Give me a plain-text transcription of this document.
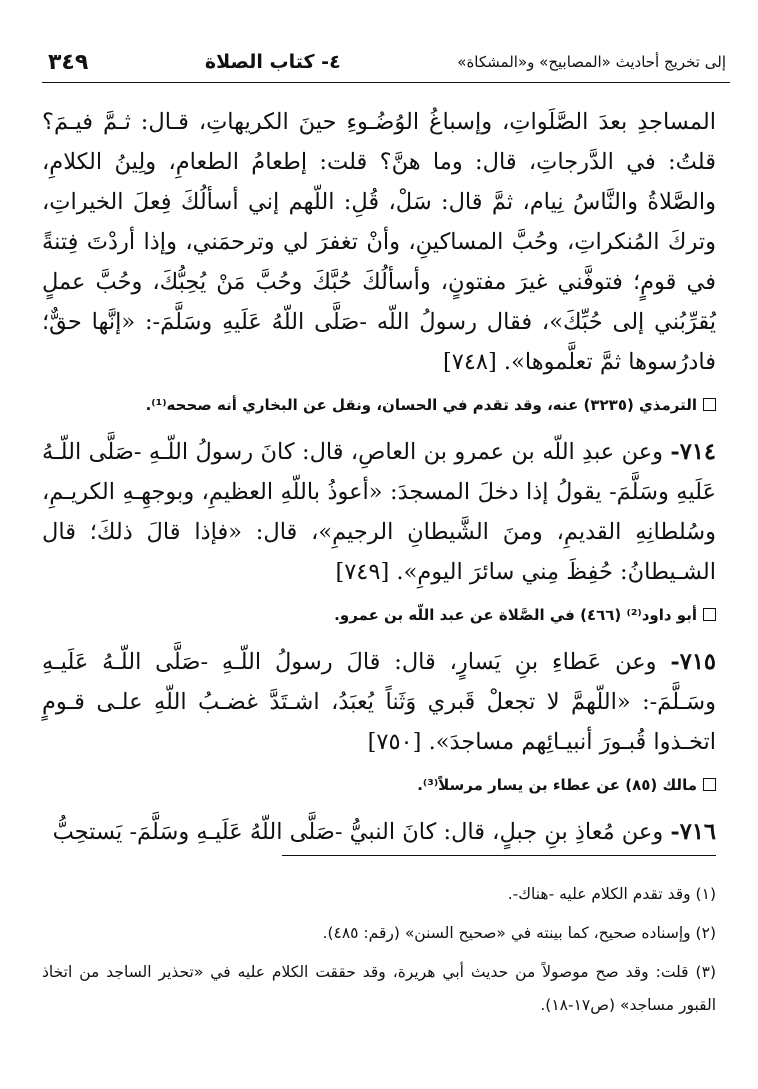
إلى تخريج أحاديث «المصابيح» و«المشكاة»
٤- كتاب الصلاة
٣٤٩

المساجدِ بعدَ الصَّلَواتِ، وإسباغُ الوُضُـوءِ حينَ الكريهاتِ، قـال: ثـمَّ فيـمَ؟ قلتُ: في الدَّرجاتِ، قال: وما هنَّ؟ قلت: إطعامُ الطعامِ، ولِينُ الكلامِ، والصَّلاةُ والنَّاسُ نِيام، ثمَّ قال: سَلْ، قُلِ: اللّهم إني أسألُكَ فِعلَ الخيراتِ، وتركَ المُنكراتِ، وحُبَّ المساكينِ، وأنْ تغفرَ لي وترحمَني، وإذا أردْتَ فِتنةً في قومٍ؛ فتوفَّني غيرَ مفتونٍ، وأسألُكَ حُبَّكَ وحُبَّ مَنْ يُحِبُّكَ، وحُبَّ عملٍ يُقرِّبُني إلى حُبِّكَ»، فقال رسولُ اللّه -صَلَّى اللّهُ عَلَيهِ وسَلَّمَ-: «إنَّها حقٌّ؛ فادرُسوها ثمَّ تعلَّموها». [٧٤٨]

الترمذي (٣٢٣٥) عنه، وقد تقدم في الحسان، ونقل عن البخاري أنه صححه⁽¹⁾.

٧١٤- وعن عبدِ اللّه بن عمرو بن العاصِ، قال: كانَ رسولُ اللّـهِ -صَلَّى اللّـهُ عَلَيهِ وسَلَّمَ- يقولُ إذا دخلَ المسجدَ: «أعوذُ باللّهِ العظيمِ، وبوجهِـهِ الكريـمِ، وسُلطانِهِ القديمِ، ومنَ الشَّيطانِ الرجيمِ»، قال: «فإذا قالَ ذلكَ؛ قال الشـيطانُ: حُفِظَ مِني سائرَ اليومِ». [٧٤٩]

أبو داود⁽²⁾ (٤٦٦) في الصَّلاة عن عبد اللّه بن عمرو.

٧١٥- وعن عَطاءِ بنِ يَسارٍ، قال: قالَ رسولُ اللّـهِ -صَلَّى اللّـهُ عَلَيـهِ وسَـلَّمَ-: «اللّهمَّ لا تجعلْ قَبري وَثَناً يُعبَدُ، اشـتَدَّ غضـبُ اللّهِ علـى قـومٍ اتخـذوا قُبـورَ أنبيـائِهم مساجدَ». [٧٥٠]

مالك (٨٥) عن عطاء بن يسار مرسلاً⁽³⁾.

٧١٦- وعن مُعاذِ بنِ جبلٍ، قال: كانَ النبيُّ -صَلَّى اللّهُ عَلَيـهِ وسَلَّمَ- يَستحِبُّ

(١) وقد تقدم الكلام عليه -هناك-.

(٢) وإسناده صحيح، كما بينته في «صحيح السنن» (رقم: ٤٨٥).

(٣) قلت: وقد صح موصولاً من حديث أبي هريرة، وقد حققت الكلام عليه في «تحذير الساجد من اتخاذ القبور مساجد» (ص١٧-١٨).
